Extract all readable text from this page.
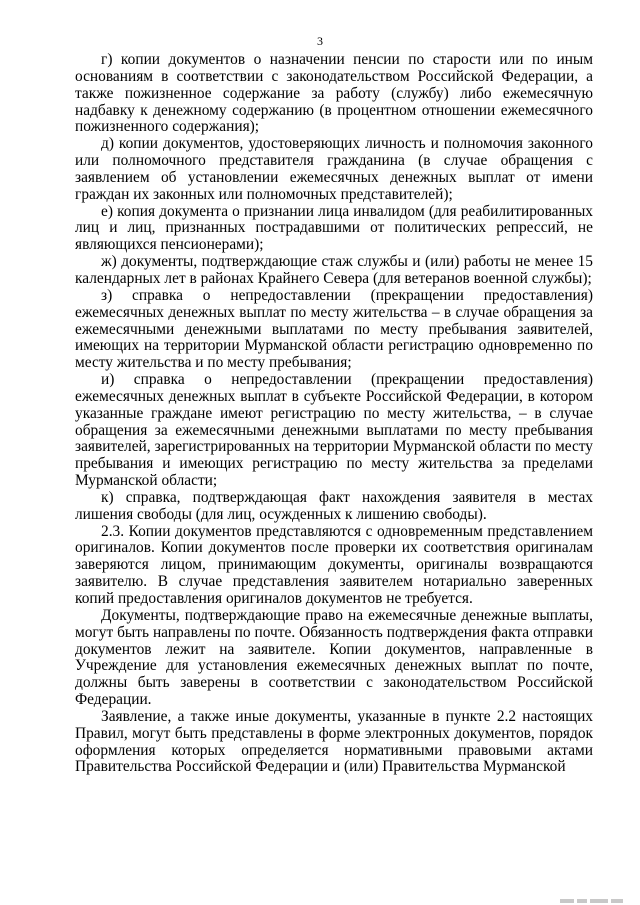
3

г) копии документов о назначении пенсии по старости или по иным основаниям в соответствии с законодательством Российской Федерации, а также пожизненное содержание за работу (службу) либо ежемесячную надбавку к денежному содержанию (в процентном отношении ежемесячного пожизненного содержания);

д) копии документов, удостоверяющих личность и полномочия законного или полномочного представителя гражданина (в случае обращения с заявлением об установлении ежемесячных денежных выплат от имени граждан их законных или полномочных представителей);

е) копия документа о признании лица инвалидом (для реабилитированных лиц и лиц, признанных пострадавшими от политических репрессий, не являющихся пенсионерами);

ж) документы, подтверждающие стаж службы и (или) работы не менее 15 календарных лет в районах Крайнего Севера (для ветеранов военной службы);

з) справка о непредоставлении (прекращении предоставления) ежемесячных денежных выплат по месту жительства – в случае обращения за ежемесячными денежными выплатами по месту пребывания заявителей, имеющих на территории Мурманской области регистрацию одновременно по месту жительства и по месту пребывания;

и) справка о непредоставлении (прекращении предоставления) ежемесячных денежных выплат в субъекте Российской Федерации, в котором указанные граждане имеют регистрацию по месту жительства, – в случае обращения за ежемесячными денежными выплатами по месту пребывания заявителей, зарегистрированных на территории Мурманской области по месту пребывания и имеющих регистрацию по месту жительства за пределами Мурманской области;

к) справка, подтверждающая факт нахождения заявителя в местах лишения свободы (для лиц, осужденных к лишению свободы).

2.3. Копии документов представляются с одновременным представлением оригиналов. Копии документов после проверки их соответствия оригиналам заверяются лицом, принимающим документы, оригиналы возвращаются заявителю. В случае представления заявителем нотариально заверенных копий предоставления оригиналов документов не требуется.

Документы, подтверждающие право на ежемесячные денежные выплаты, могут быть направлены по почте. Обязанность подтверждения факта отправки документов лежит на заявителе. Копии документов, направленные в Учреждение для установления ежемесячных денежных выплат по почте, должны быть заверены в соответствии с законодательством Российской Федерации.

Заявление, а также иные документы, указанные в пункте 2.2 настоящих Правил, могут быть представлены в форме электронных документов, порядок оформления которых определяется нормативными правовыми актами Правительства Российской Федерации и (или) Правительства Мурманской
